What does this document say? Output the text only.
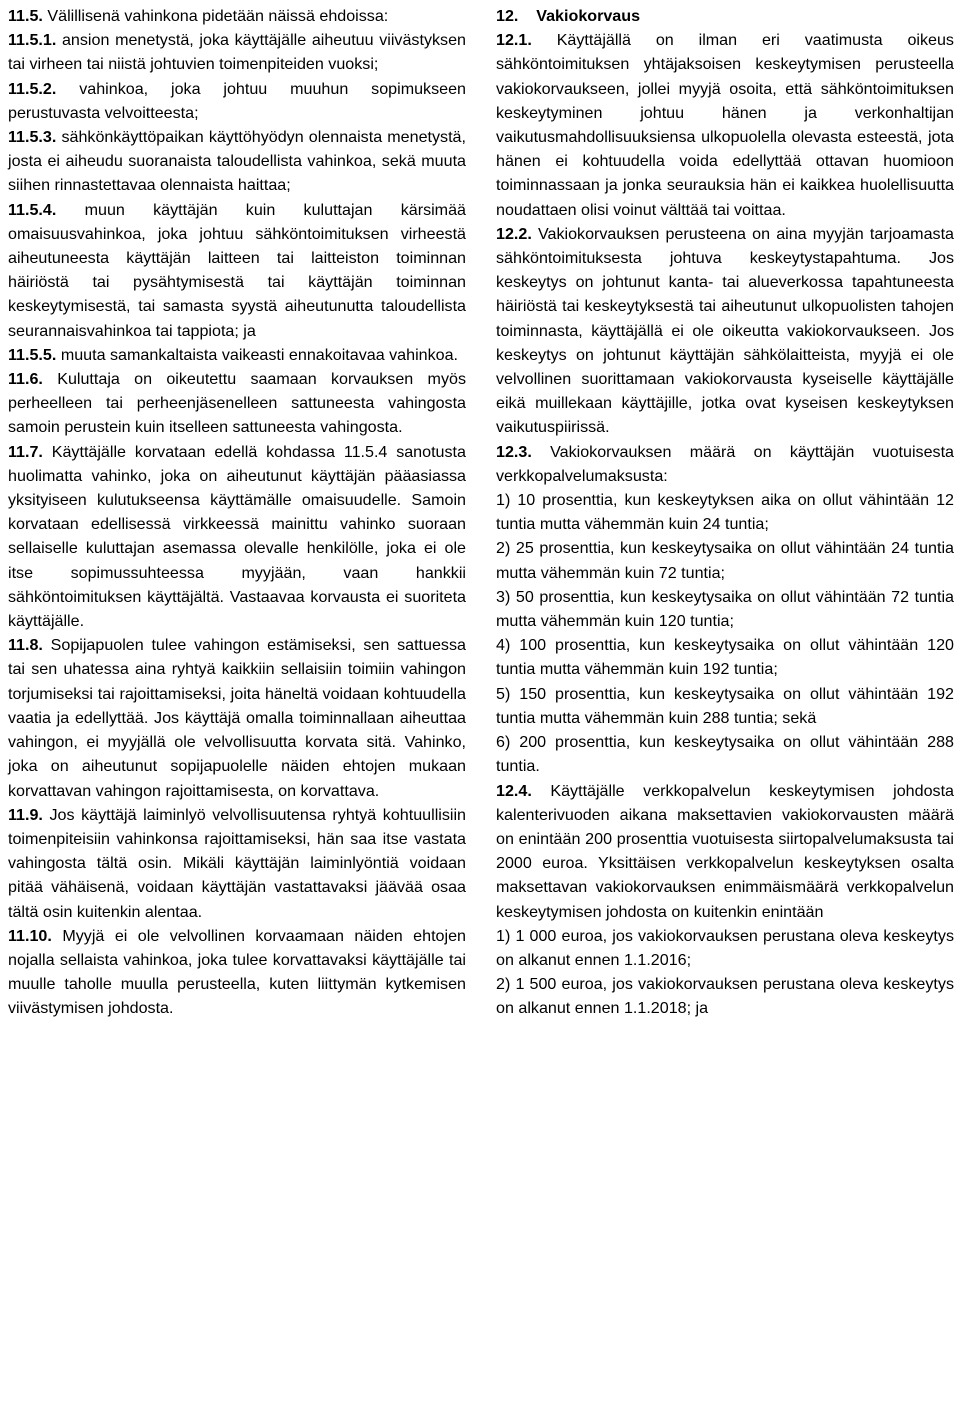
11.5. Välillisenä vahinkona pidetään näissä ehdoissa:

11.5.1. ansion menetystä, joka käyttäjälle aiheutuu viivästyksen tai virheen tai niistä johtuvien toimenpiteiden vuoksi;

11.5.2. vahinkoa, joka johtuu muuhun sopimukseen perustuvasta velvoitteesta;

11.5.3. sähkönkäyttöpaikan käyttöhyödyn olennaista menetystä, josta ei aiheudu suoranaista taloudellista vahinkoa, sekä muuta siihen rinnastettavaa olennaista haittaa;

11.5.4. muun käyttäjän kuin kuluttajan kärsimää omaisuusvahinkoa, joka johtuu sähköntoimituksen virheestä aiheutuneesta käyttäjän laitteen tai laitteiston toiminnan häiriöstä tai pysähtymisestä tai käyttäjän toiminnan keskeytymisestä, tai samasta syystä aiheutunutta taloudellista seurannaisvahinkoa tai tappiota; ja

11.5.5. muuta samankaltaista vaikeasti ennakoitavaa vahinkoa.

11.6. Kuluttaja on oikeutettu saamaan korvauksen myös perheelleen tai perheenjäsenelleen sattuneesta vahingosta samoin perustein kuin itselleen sattuneesta vahingosta.

11.7. Käyttäjälle korvataan edellä kohdassa 11.5.4 sanotusta huolimatta vahinko, joka on aiheutunut käyttäjän pääasiassa yksityiseen kulutukseensa käyttämälle omaisuudelle. Samoin korvataan edellisessä virkkeessä mainittu vahinko suoraan sellaiselle kuluttajan asemassa olevalle henkilölle, joka ei ole itse sopimussuhteessa myyjään, vaan hankkii sähköntoimituksen käyttäjältä. Vastaavaa korvausta ei suoriteta käyttäjälle.

11.8. Sopijapuolen tulee vahingon estämiseksi, sen sattuessa tai sen uhatessa aina ryhtyä kaikkiin sellaisiin toimiin vahingon torjumiseksi tai rajoittamiseksi, joita häneltä voidaan kohtuudella vaatia ja edellyttää. Jos käyttäjä omalla toiminnallaan aiheuttaa vahingon, ei myyjällä ole velvollisuutta korvata sitä. Vahinko, joka on aiheutunut sopijapuolelle näiden ehtojen mukaan korvattavan vahingon rajoittamisesta, on korvattava.

11.9. Jos käyttäjä laiminlyö velvollisuutensa ryhtyä kohtuullisiin toimenpiteisiin vahinkonsa rajoittamiseksi, hän saa itse vastata vahingosta tältä osin. Mikäli käyttäjän laiminlyöntiä voidaan pitää vähäisenä, voidaan käyttäjän vastattavaksi jäävää osaa tältä osin kuitenkin alentaa.

11.10. Myyjä ei ole velvollinen korvaamaan näiden ehtojen nojalla sellaista vahinkoa, joka tulee korvattavaksi käyttäjälle tai muulle taholle muulla perusteella, kuten liittymän kytkemisen viivästymisen johdosta.

12. Vakiokorvaus

12.1. Käyttäjällä on ilman eri vaatimusta oikeus sähköntoimituksen yhtäjaksoisen keskeytymisen perusteella vakiokorvaukseen, jollei myyjä osoita, että sähköntoimituksen keskeytyminen johtuu hänen ja verkonhaltijan vaikutusmahdollisuuksiensa ulkopuolella olevasta esteestä, jota hänen ei kohtuudella voida edellyttää ottavan huomioon toiminnassaan ja jonka seurauksia hän ei kaikkea huolellisuutta noudattaen olisi voinut välttää tai voittaa.

12.2. Vakiokorvauksen perusteena on aina myyjän tarjoamasta sähköntoimituksesta johtuva keskeytystapahtuma. Jos keskeytys on johtunut kanta- tai alueverkossa tapahtuneesta häiriöstä tai keskeytyksestä tai aiheutunut ulkopuolisten tahojen toiminnasta, käyttäjällä ei ole oikeutta vakiokorvaukseen. Jos keskeytys on johtunut käyttäjän sähkölaitteista, myyjä ei ole velvollinen suorittamaan vakiokorvausta kyseiselle käyttäjälle eikä muillekaan käyttäjille, jotka ovat kyseisen keskeytyksen vaikutuspiirissä.

12.3. Vakiokorvauksen määrä on käyttäjän vuotuisesta verkkopalvelumaksusta:

1) 10 prosenttia, kun keskeytyksen aika on ollut vähintään 12 tuntia mutta vähemmän kuin 24 tuntia;

2) 25 prosenttia, kun keskeytysaika on ollut vähintään 24 tuntia mutta vähemmän kuin 72 tuntia;

3) 50 prosenttia, kun keskeytysaika on ollut vähintään 72 tuntia mutta vähemmän kuin 120 tuntia;

4) 100 prosenttia, kun keskeytysaika on ollut vähintään 120 tuntia mutta vähemmän kuin 192 tuntia;

5) 150 prosenttia, kun keskeytysaika on ollut vähintään 192 tuntia mutta vähemmän kuin 288 tuntia; sekä

6) 200 prosenttia, kun keskeytysaika on ollut vähintään 288 tuntia.

12.4. Käyttäjälle verkkopalvelun keskeytymisen johdosta kalenterivuoden aikana maksettavien vakiokorvausten määrä on enintään 200 prosenttia vuotuisesta siirtopalvelumaksusta tai 2000 euroa. Yksittäisen verkkopalvelun keskeytyksen osalta maksettavan vakiokorvauksen enimmäismäärä verkkopalvelun keskeytymisen johdosta on kuitenkin enintään

1) 1 000 euroa, jos vakiokorvauksen perustana oleva keskeytys on alkanut ennen 1.1.2016;

2) 1 500 euroa, jos vakiokorvauksen perustana oleva keskeytys on alkanut ennen 1.1.2018; ja
